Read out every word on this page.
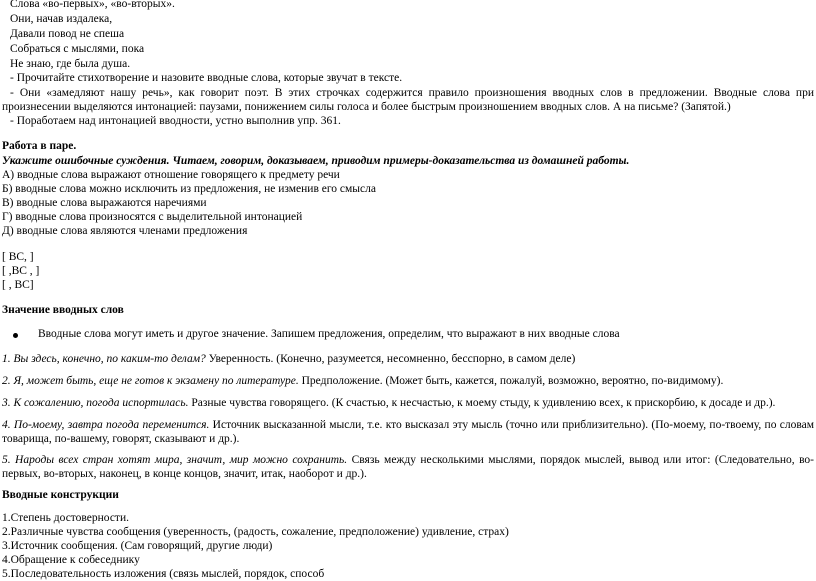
Слова «во-первых», «во-вторых».
Они, начав издалека,
Давали повод не спеша
Собраться с мыслями, пока
Не знаю, где была душа.
- Прочитайте стихотворение и назовите вводные слова, которые звучат в тексте.
- Они «замедляют нашу речь», как говорит поэт. В этих строчках содержится правило произношения вводных слов в предложении. Вводные слова при произнесении выделяются интонацией: паузами, понижением силы голоса и более быстрым произношением вводных слов. А на письме? (Запятой.)
- Поработаем над интонацией вводности, устно выполнив упр. 361.
Работа в паре.
Укажите ошибочные суждения. Читаем, говорим, доказываем, приводим примеры-доказательства из домашней работы.
А) вводные слова выражают отношение говорящего к предмету речи
Б) вводные слова можно исключить из предложения, не изменив его смысла
В) вводные слова выражаются наречиями
Г) вводные слова произносятся с выделительной интонацией
Д) вводные слова являются членами предложения
[ ВС, ]
[ ,ВС , ]
[ , ВС]
Значение вводных слов
Вводные слова могут иметь и другое значение. Запишем предложения, определим, что выражают в них вводные слова
1. Вы здесь, конечно, по каким-то делам? Уверенность. (Конечно, разумеется, несомненно, бесспорно, в самом деле)
2. Я, может быть, еще не готов к экзамену по литературе. Предположение. (Может быть, кажется, пожалуй, возможно, вероятно, по-видимому).
3. К сожалению, погода испортилась. Разные чувства говорящего. (К счастью, к несчастью, к моему стыду, к удивлению всех, к прискорбию, к досаде и др.).
4. По-моему, завтра погода переменится. Источник высказанной мысли, т.е. кто высказал эту мысль (точно или приблизительно). (По-моему, по-твоему, по словам товарища, по-вашему, говорят, сказывают и др.).
5. Народы всех стран хотят мира, значит, мир можно сохранить. Связь между несколькими мыслями, порядок мыслей, вывод или итог: (Следовательно, во-первых, во-вторых, наконец, в конце концов, значит, итак, наоборот и др.).
Вводные конструкции
1.Степень достоверности.
2.Различные чувства сообщения (уверенность, (радость, сожаление, предположение) удивление, страх)
3.Источник сообщения. (Сам говорящий, другие люди)
4.Обращение к собеседнику
5.Последовательность изложения (связь мыслей, порядок, способ
